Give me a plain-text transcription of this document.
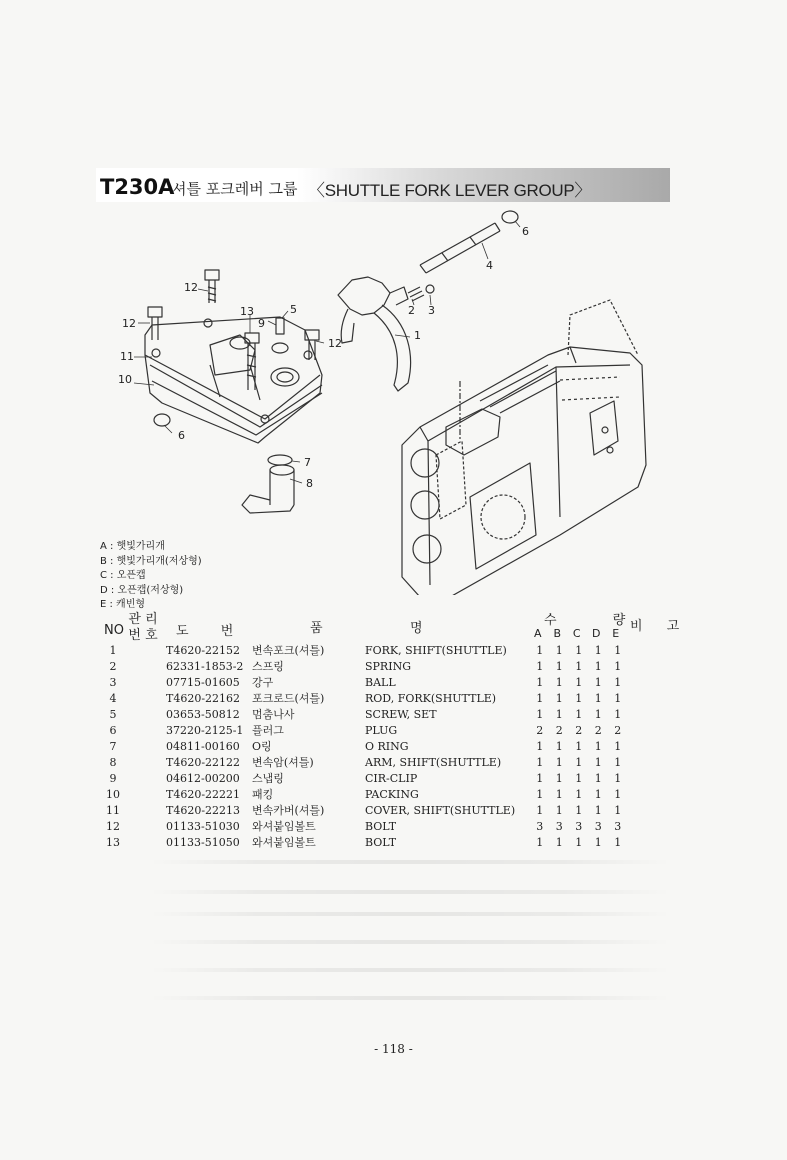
T230A
셔틀 포크레버 그룹 〈SHUTTLE FORK LEVER GROUP〉
12
12
11
10
6
13
9
5
12
7
8
1
2 3
4
6
A : 햇빛가리개
B : 햇빛가리개(저상형)
C : 오픈캡
D : 오픈캡(저상형)
E : 캐빈형
NO
관 리
번 호 도 번	품	명
수 량
A B C D E 비 고
1	T4620-22152	변속포크(셔틀)	FORK, SHIFT(SHUTTLE)	1	1	1	1	1
2	62331-1853-2	스프링	SPRING	1	1	1	1	1
3	07715-01605	강구	BALL	1	1	1	1	1
4	T4620-22162	포크로드(셔틀)	ROD, FORK(SHUTTLE)	1	1	1	1	1
5	03653-50812	멈춤나사	SCREW, SET	1	1	1	1	1
6	37220-2125-1	플러그	PLUG	2	2	2	2	2
7	04811-00160	O링	O RING	1	1	1	1	1
8	T4620-22122	변속암(셔틀)	ARM, SHIFT(SHUTTLE)	1	1	1	1	1
9	04612-00200	스냅링	CIR-CLIP	1	1	1	1	1
10	T4620-22221	패킹	PACKING	1	1	1	1	1
11	T4620-22213	변속카버(셔틀)	COVER, SHIFT(SHUTTLE)	1	1	1	1	1
12	01133-51030	와셔붙임볼트	BOLT	3	3	3	3	3
13	01133-51050	와셔붙임볼트	BOLT	1	1	1	1	1
- 118 -
